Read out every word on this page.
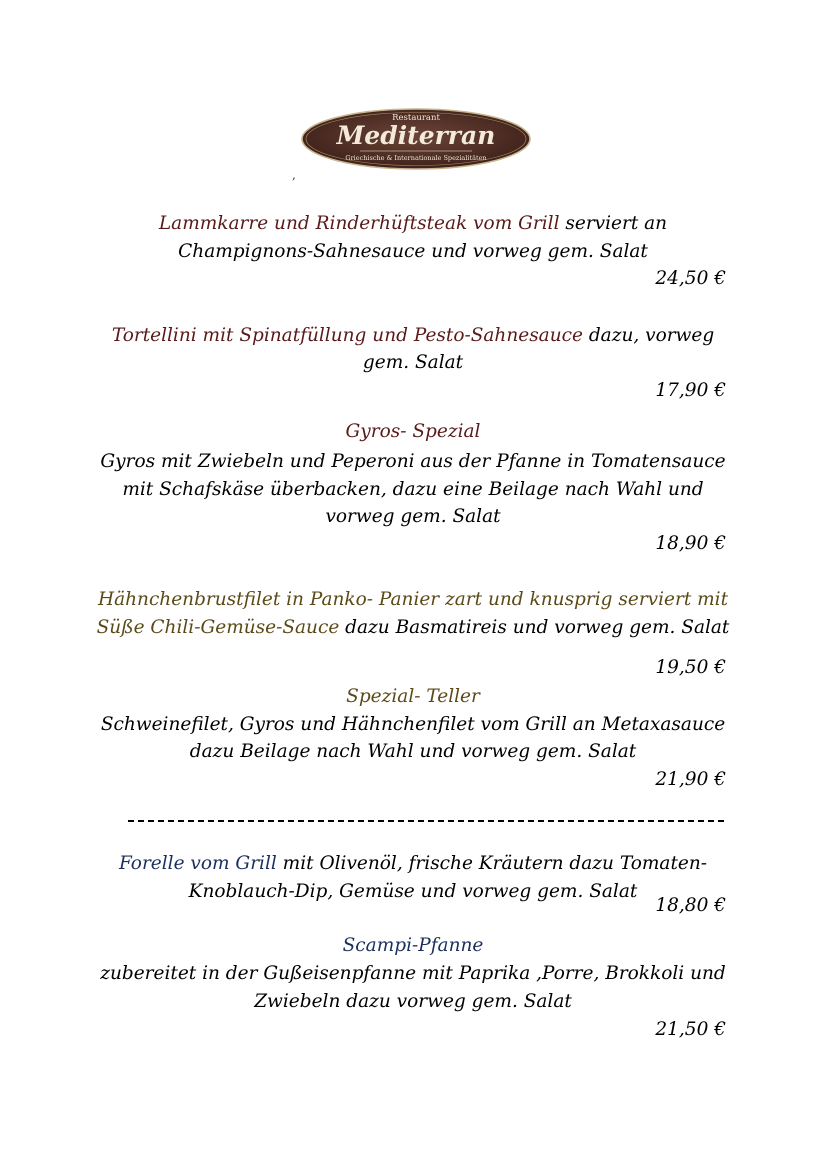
Restaurant
Mediterran
Griechische & Internationale Spezialitäten
,
Lammkarre und Rinderhüftsteak vom Grill serviert an
Champignons-Sahnesauce und vorweg gem. Salat
24,50 €
Tortellini mit Spinatfüllung und Pesto-Sahnesauce dazu, vorweg
gem. Salat
17,90 €
Gyros- Spezial
Gyros mit Zwiebeln und Peperoni aus der Pfanne in Tomatensauce
mit Schafskäse überbacken, dazu eine Beilage nach Wahl und
vorweg gem. Salat
18,90 €
Hähnchenbrustfilet in Panko- Panier zart und knusprig serviert mit
Süße Chili-Gemüse-Sauce dazu Basmatireis und vorweg gem. Salat
19,50 €
Spezial- Teller
Schweinefilet, Gyros und Hähnchenfilet vom Grill an Metaxasauce
dazu Beilage nach Wahl und vorweg gem. Salat
21,90 €
Forelle vom Grill mit Olivenöl, frische Kräutern dazu Tomaten-
Knoblauch-Dip, Gemüse und vorweg gem. Salat
18,80 €
Scampi-Pfanne
zubereitet in der Gußeisenpfanne mit Paprika ,Porre, Brokkoli und
Zwiebeln dazu vorweg gem. Salat
21,50 €
